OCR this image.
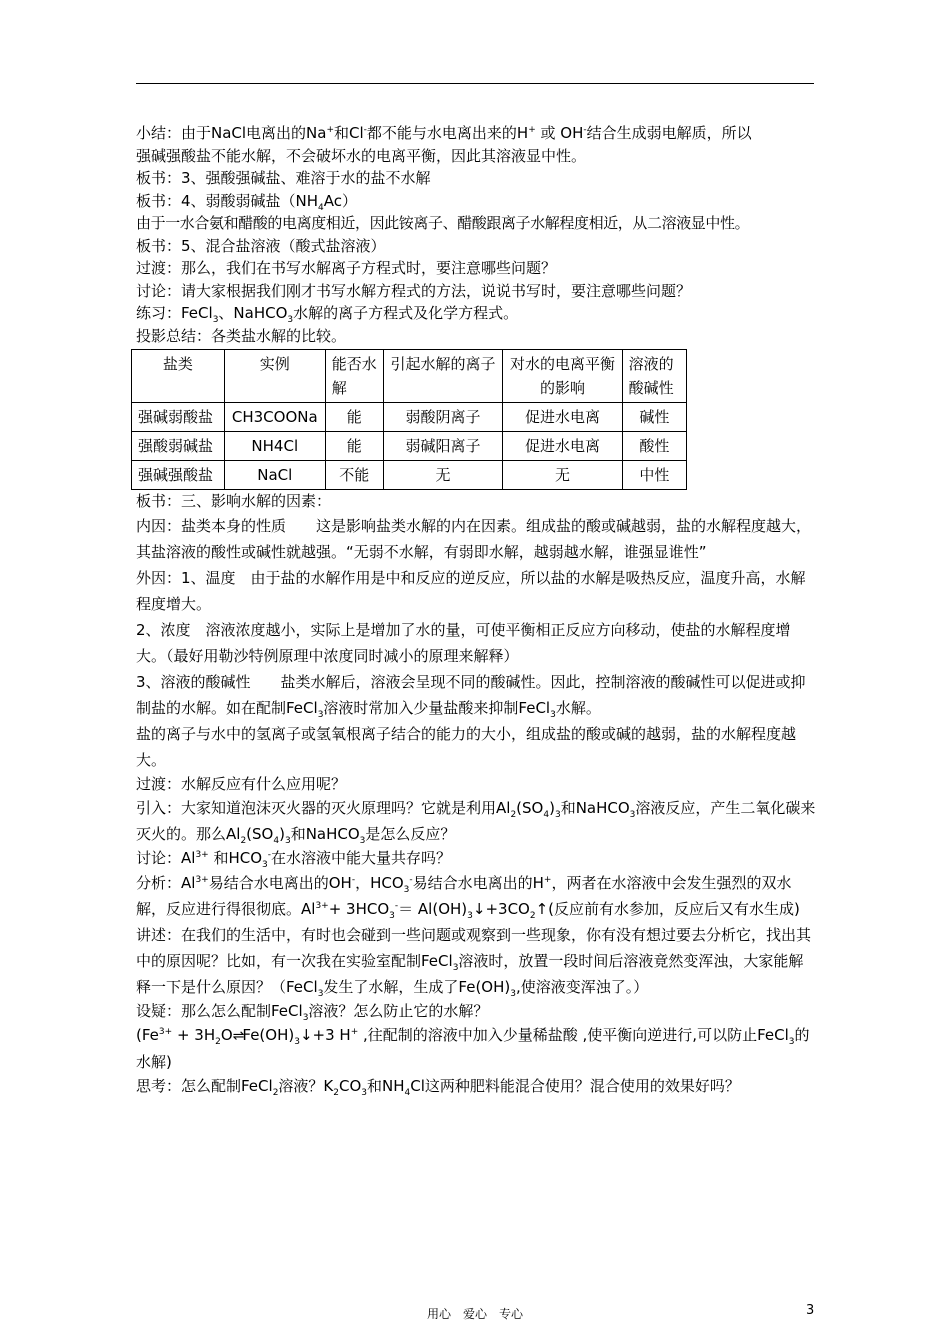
小结：由于NaCl电离出的Na+和Cl-都不能与水电离出来的H+ 或 OH-结合生成弱电解质，所以

强碱强酸盐不能水解，不会破坏水的电离平衡，因此其溶液显中性。

板书：3、强酸强碱盐、难溶于水的盐不水解

板书：4、弱酸弱碱盐$(NH_4Ac)$

由于一水合氨和醋酸的电离度相近，因此铵离子、醋酸跟离子水解程度相近，从二溶液显中性。

板书：5、混合盐溶液（酸式盐溶液）

过渡：那么，我们在书写水解离子方程式时，要注意哪些问题？

讨论：请大家根据我们刚才书写水解方程式的方法，说说书写时，要注意哪些问题？

练习：FeCl$_3$、NaHCO$_3$水解的离子方程式及化学方程式。

投影总结：各类盐水解的比较。

盐类	实例	能否水解	引起水解的离子	对水的电离平衡的影响	溶液的酸碱性
强碱弱酸盐	CH3COONa	能	弱酸阴离子	促进水电离	碱性
强酸弱碱盐	NH4Cl	能	弱碱阳离子	促进水电离	酸性
强碱强酸盐	NaCl	不能	无	无	中性

板书：三、影响水解的因素：

内因：盐类本身的性质　　这是影响盐类水解的内在因素。组成盐的酸或碱越弱，盐的水解程度越大，其盐溶液的酸性或碱性就越强。“无弱不水解，有弱即水解，越弱越水解，谁强显谁性”

外因：1、温度　由于盐的水解作用是中和反应的逆反应，所以盐的水解是吸热反应，温度升高，水解程度增大。

2、浓度　溶液浓度越小，实际上是增加了水的量，可使平衡相正反应方向移动，使盐的水解程度增大。（最好用勒沙特例原理中浓度同时减小的原理来解释）

3、溶液的酸碱性　　盐类水解后，溶液会呈现不同的酸碱性。因此，控制溶液的酸碱性可以促进或抑制盐的水解。如在配制FeCl$_3$溶液时常加入少量盐酸来抑制FeCl$_3$水解。

盐的离子与水中的氢离子或氢氧根离子结合的能力的大小，组成盐的酸或碱的越弱，盐的水解程度越大。

过渡：水解反应有什么应用呢？

引入：大家知道泡沫灭火器的灭火原理吗？它就是利用$Al_2(SO_4)_3$和NaHCO$_3$溶液反应，产生二氧化碳来灭火的。那么$Al_2(SO_4)_3$和NaHCO$_3$是怎么反应？

讨论：$Al^{3+}$ 和$HCO_3^-$在水溶液中能大量共存吗？

分析：$Al^{3+}$易结合水电离出的OH-，$HCO_3^-$易结合水电离出的H+，两者在水溶液中会发生强烈的双水解，反应进行得很彻底。$Al^{3+}+ 3HCO_3^-=$ $Al(OH)_3↓+3CO_2↑$(反应前有水参加，反应后又有水生成)

讲述：在我们的生活中，有时也会碰到一些问题或观察到一些现象，你有没有想过要去分析它，找出其中的原因呢？比如，有一次我在实验室配制FeCl$_3$溶液时，放置一段时间后溶液竟然变浑浊，大家能解释一下是什么原因？（FeCl$_3$发生了水解，生成了$Fe(OH)_3$,使溶液变浑浊了。）

设疑：那么怎么配制FeCl$_3$溶液？怎么防止它的水解？

($Fe^{3+}$ + $3H_2O\rightleftharpoons Fe(OH)_3↓+3$ H+ ,往配制的溶液中加入少量稀盐酸 ,使平衡向逆进行,可以防止FeCl$_3$的水解)

思考：怎么配制FeCl$_2$溶液？$K_2CO_3$和$NH_4Cl$这两种肥料能混合使用？混合使用的效果好吗？

用心　爱心　专心	3
